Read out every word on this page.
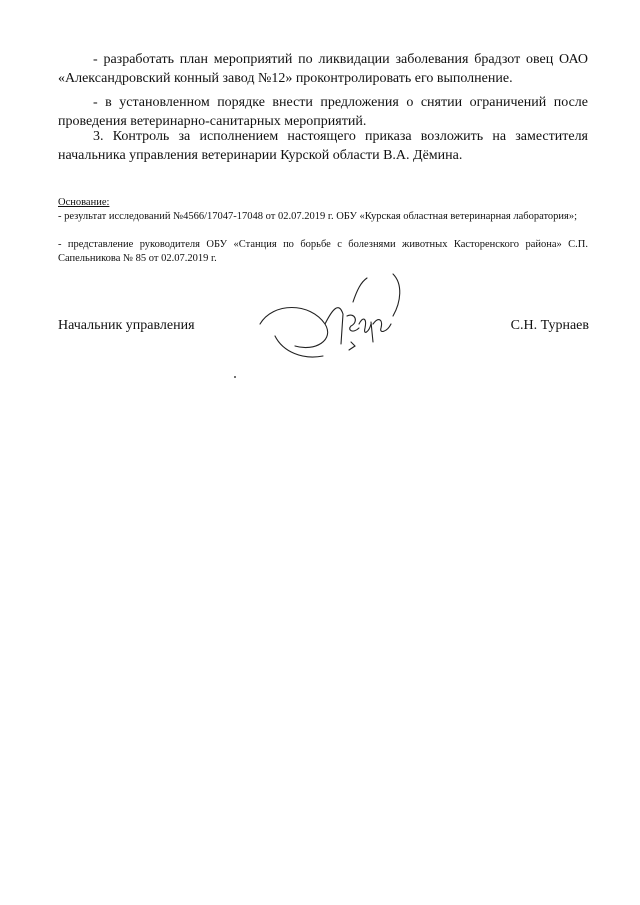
- разработать план мероприятий по ликвидации заболевания брадзот овец ОАО «Александровский конный завод №12» проконтролировать его выполнение.
- в установленном порядке внести предложения о снятии ограничений после проведения ветеринарно-санитарных мероприятий.
3. Контроль за исполнением настоящего приказа возложить на заместителя начальника управления ветеринарии Курской области В.А. Дёмина.
Основание:
- результат исследований №4566/17047-17048 от 02.07.2019 г. ОБУ «Курская областная ветеринарная лаборатория»;
- представление руководителя ОБУ «Станция по борьбе с болезнями животных Касторенского района» С.П. Сапельникова № 85 от 02.07.2019 г.
Начальник управления	С.Н. Турнаев
